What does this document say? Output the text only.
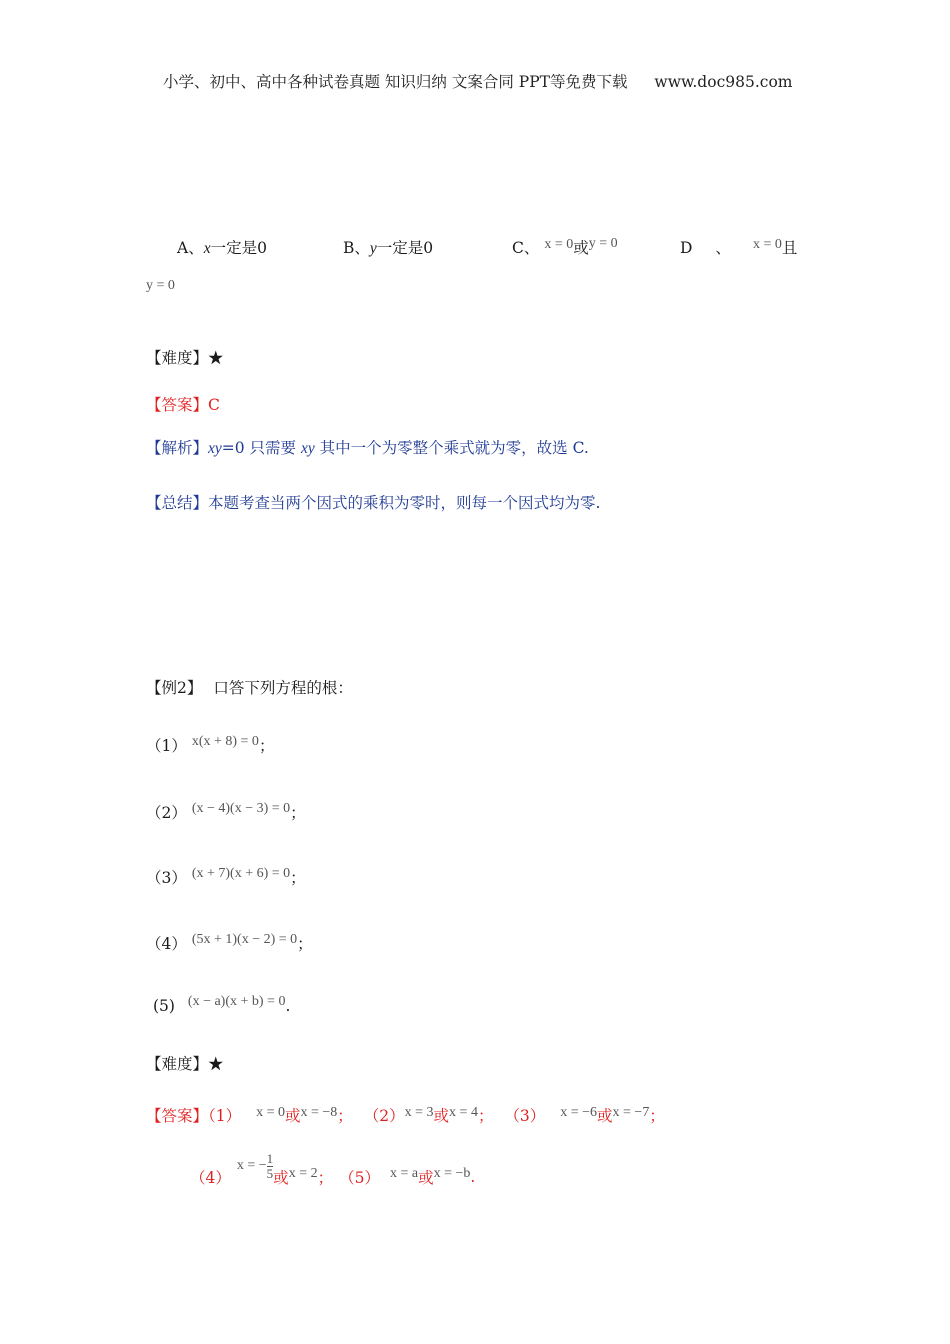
小学、初中、高中各种试卷真题 知识归纳 文案合同 PPT等免费下载 www.doc985.com
A、x一定是0	B、y一定是0	C、 x = 0或y = 0	D 、 x = 0且
y = 0
【难度】★
【答案】C
【解析】xy=0 只需要 xy 其中一个为零整个乘式就为零，故选 C.
【总结】本题考查当两个因式的乘积为零时，则每一个因式均为零.
【例2】 口答下列方程的根：
（1） x(x + 8) = 0；
（2） (x − 4)(x − 3) = 0；
（3） (x + 7)(x + 6) = 0；
（4） (5x + 1)(x − 2) = 0；
(5) (x − a)(x + b) = 0.
【难度】★
【答案】（1） x = 0或x = −8； （2）x = 3或x = 4； （3） x = −6或x = −7；
（4）
x = − $\frac{1}{5}$ 或 x = 2 ； （5） x = a 或 x = −b .
